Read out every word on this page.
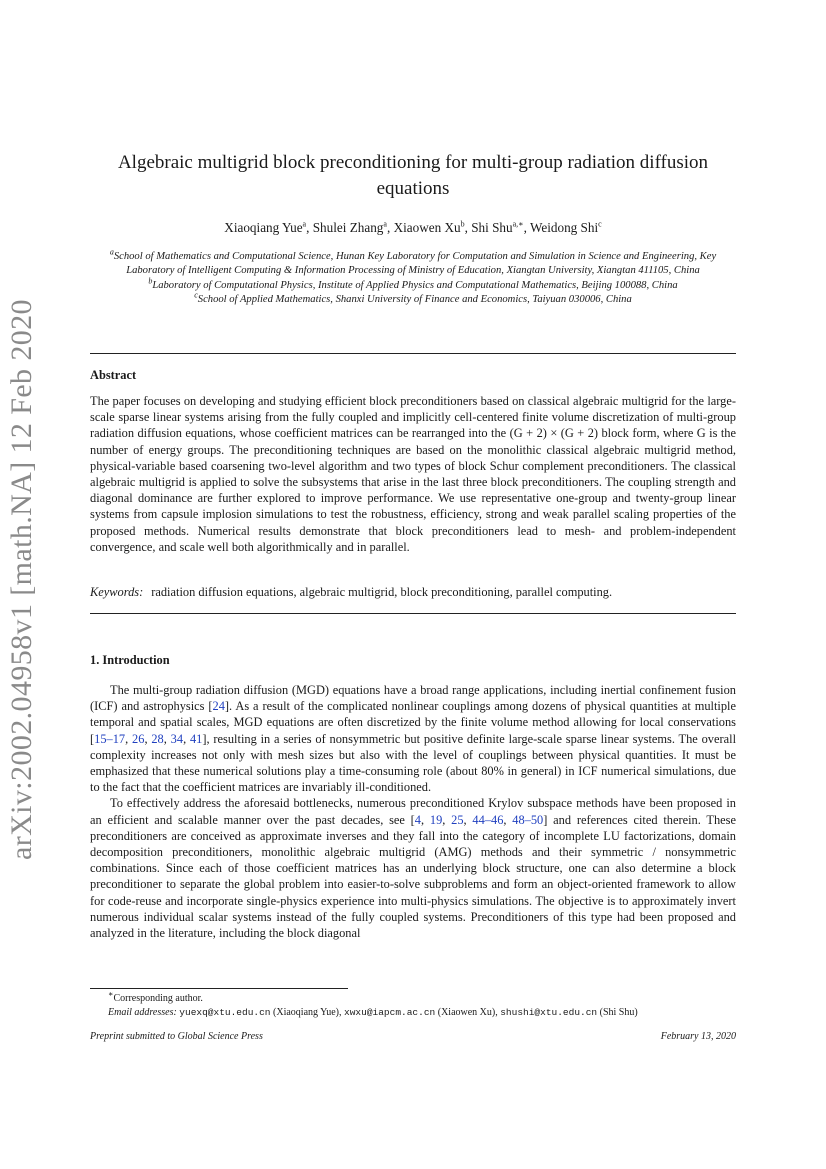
arXiv:2002.04958v1 [math.NA] 12 Feb 2020
Algebraic multigrid block preconditioning for multi-group radiation diffusion
equations
Xiaoqiang Yue$^a$, Shulei Zhang$^a$, Xiaowen Xu$^b$, Shi Shu$^{a,∗}$, Weidong Shi$^c$
$^a$School of Mathematics and Computational Science, Hunan Key Laboratory for Computation and Simulation in Science and Engineering, Key
Laboratory of Intelligent Computing & Information Processing of Ministry of Education, Xiangtan University, Xiangtan 411105, China
$^b$Laboratory of Computational Physics, Institute of Applied Physics and Computational Mathematics, Beijing 100088, China
$^c$School of Applied Mathematics, Shanxi University of Finance and Economics, Taiyuan 030006, China
Abstract
The paper focuses on developing and studying efficient block preconditioners based on classical algebraic multigrid for the large-scale sparse linear systems arising from the fully coupled and implicitly cell-centered finite volume discretization of multi-group radiation diffusion equations, whose coefficient matrices can be rearranged into the (G + 2) × (G + 2) block form, where G is the number of energy groups. The preconditioning techniques are based on the monolithic classical algebraic multigrid method, physical-variable based coarsening two-level algorithm and two types of block Schur complement preconditioners. The classical algebraic multigrid is applied to solve the subsystems that arise in the last three block preconditioners. The coupling strength and diagonal dominance are further explored to improve performance. We use representative one-group and twenty-group linear systems from capsule implosion simulations to test the robustness, efficiency, strong and weak parallel scaling properties of the proposed methods. Numerical results demonstrate that block preconditioners lead to mesh- and problem-independent convergence, and scale well both algorithmically and in parallel.
Keywords: radiation diffusion equations, algebraic multigrid, block preconditioning, parallel computing.
1. Introduction

The multi-group radiation diffusion (MGD) equations have a broad range applications, including inertial confinement fusion (ICF) and astrophysics [24]. As a result of the complicated nonlinear couplings among dozens of physical quantities at multiple temporal and spatial scales, MGD equations are often discretized by the finite volume method allowing for local conservations [15–17, 26, 28, 34, 41], resulting in a series of nonsymmetric but positive definite large-scale sparse linear systems. The overall complexity increases not only with mesh sizes but also with the level of couplings between physical quantities. It must be emphasized that these numerical solutions play a time-consuming role (about 80% in general) in ICF numerical simulations, due to the fact that the coefficient matrices are invariably ill-conditioned.

To effectively address the aforesaid bottlenecks, numerous preconditioned Krylov subspace methods have been proposed in an efficient and scalable manner over the past decades, see [4, 19, 25, 44–46, 48–50] and references cited therein. These preconditioners are conceived as approximate inverses and they fall into the category of incomplete LU factorizations, domain decomposition preconditioners, monolithic algebraic multigrid (AMG) methods and their symmetric / nonsymmetric combinations. Since each of those coefficient matrices has an underlying block structure, one can also determine a block preconditioner to separate the global problem into easier-to-solve subproblems and form an object-oriented framework to allow for code-reuse and incorporate single-physics experience into multi-physics simulations. The objective is to approximately invert numerous individual scalar systems instead of the fully coupled systems. Preconditioners of this type had been proposed and analyzed in the literature, including the block diagonal

∗Corresponding author.
Email addresses: yuexq@xtu.edu.cn (Xiaoqiang Yue), xwxu@iapcm.ac.cn (Xiaowen Xu), shushi@xtu.edu.cn (Shi Shu)
Preprint submitted to Global Science Press	February 13, 2020
